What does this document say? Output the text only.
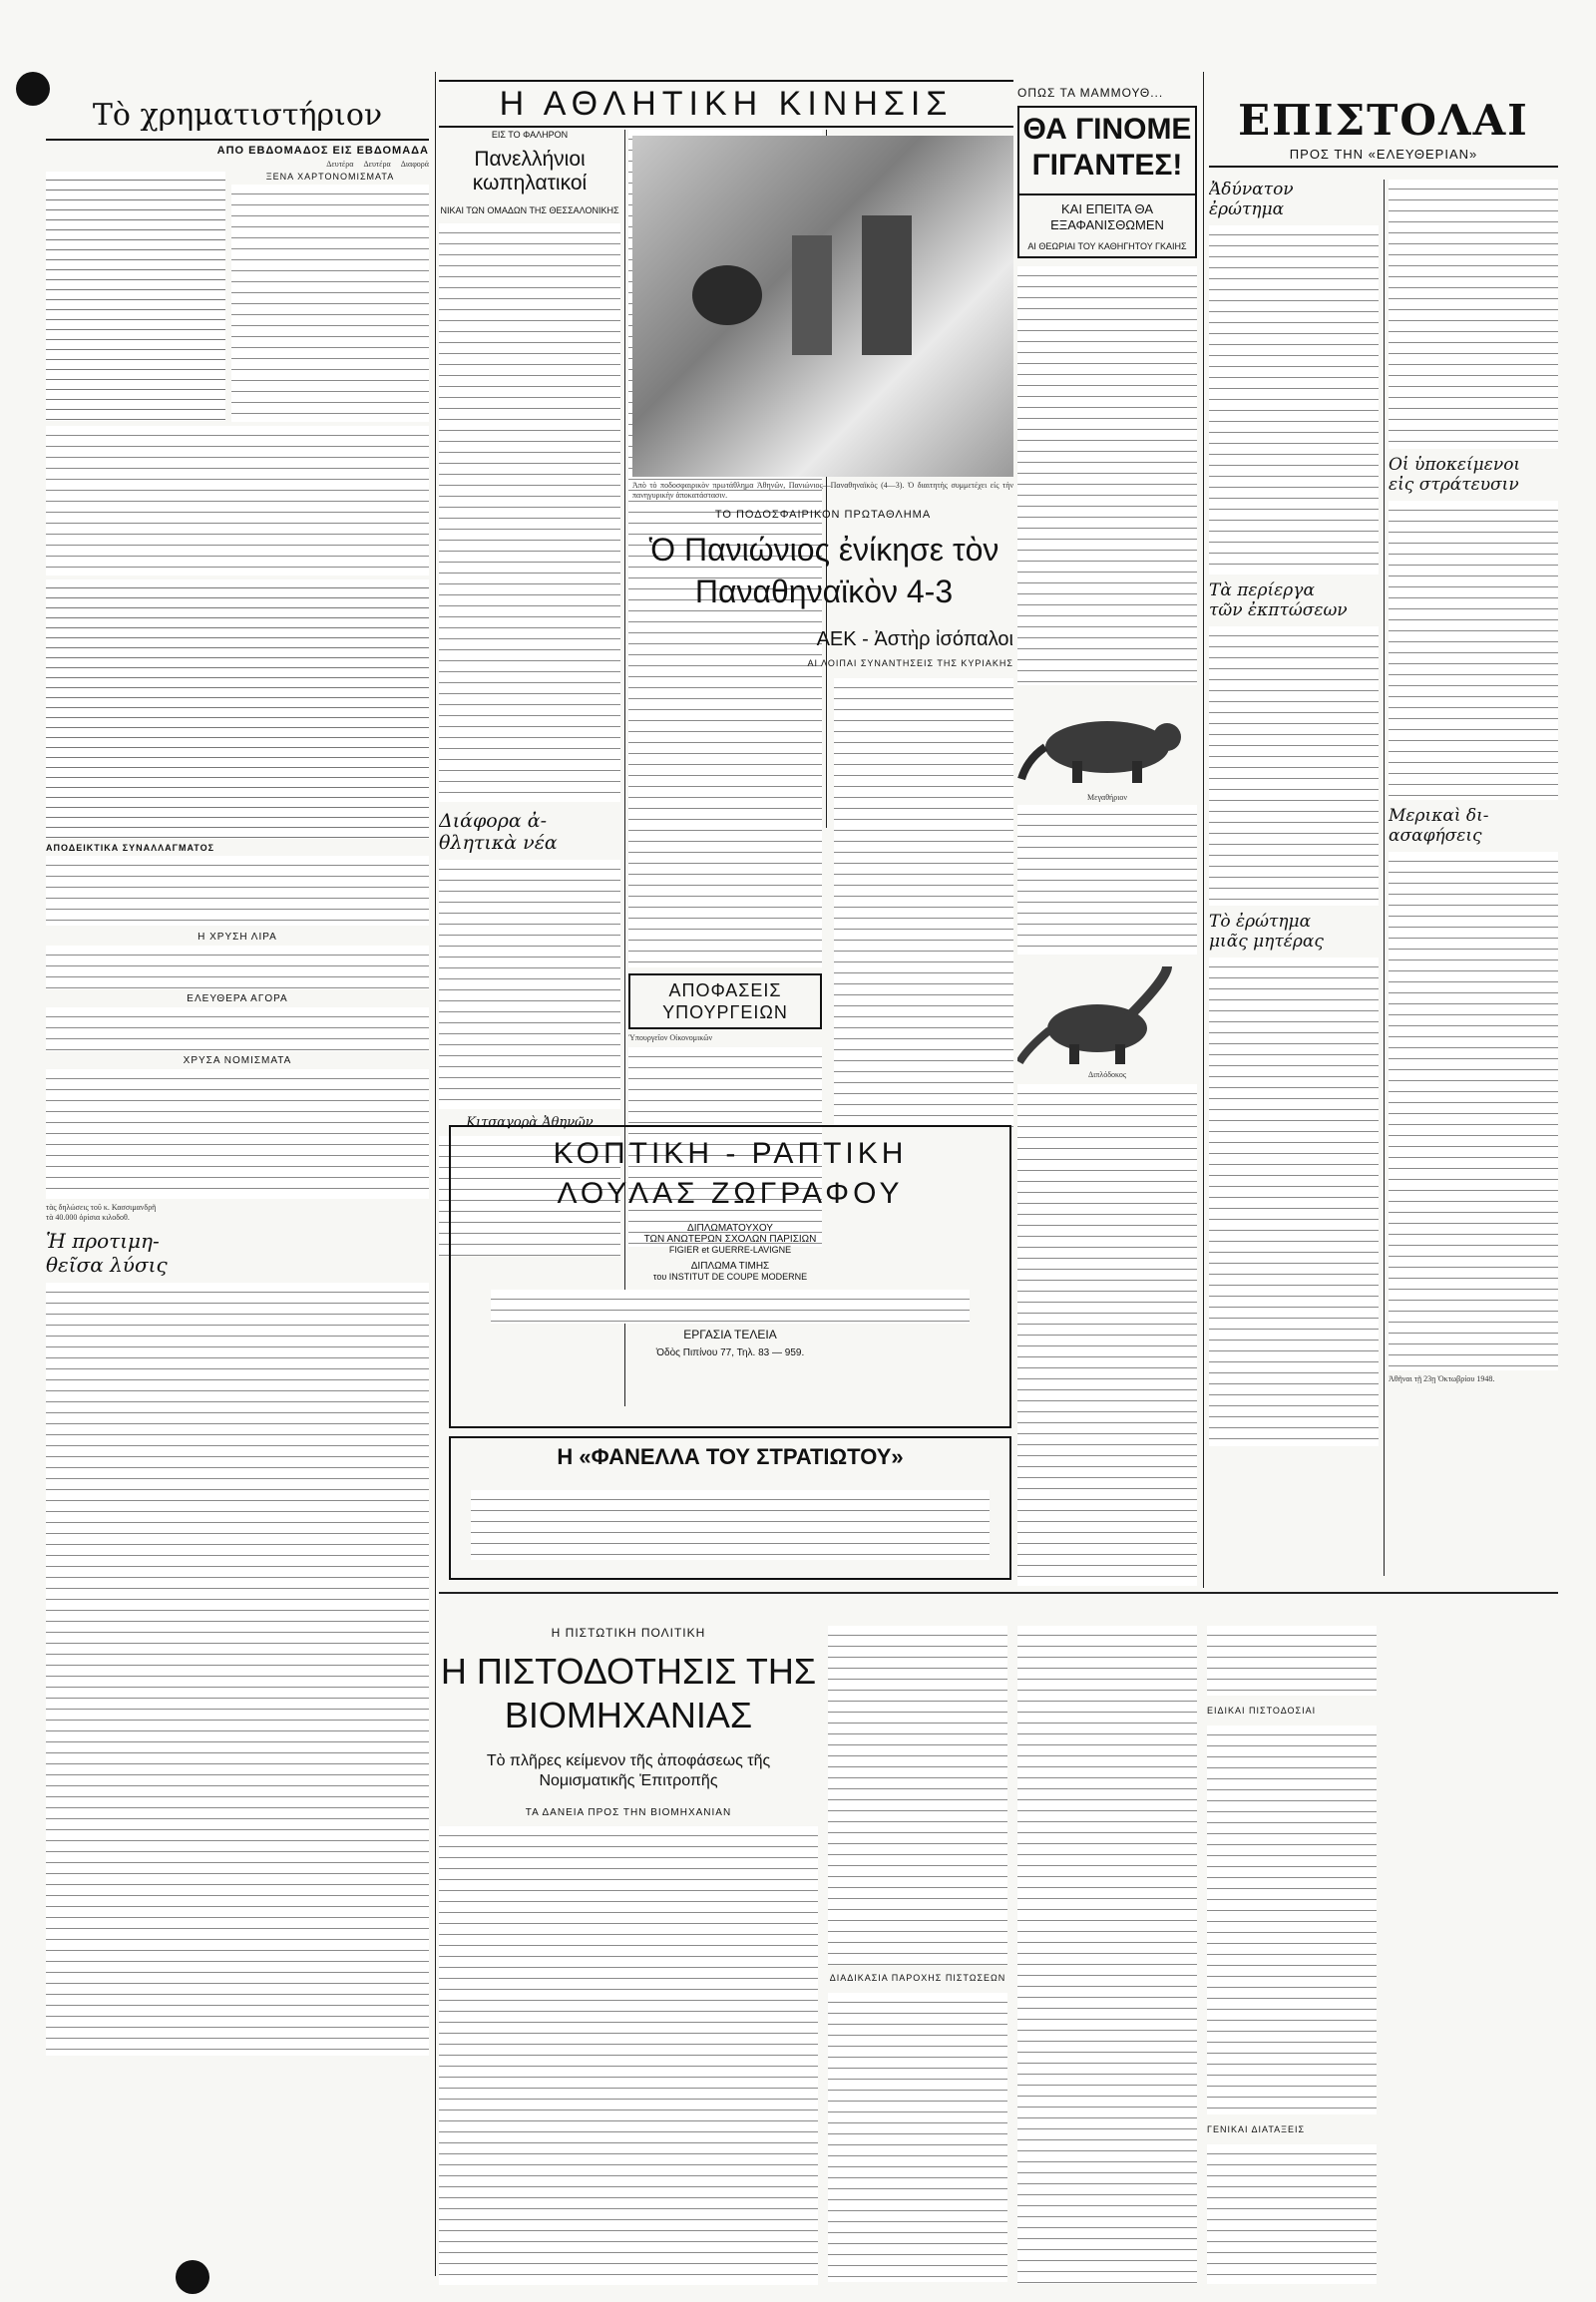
Τὸ χρηματιστήριον
ΑΠΟ ΕΒΔΟΜΑΔΟΣ ΕΙΣ ΕΒΔΟΜΑΔΑ
Δευτέρα Δευτέρα Διαφορά
ΞΕΝΑ ΧΑΡΤΟΝΟΜΙΣΜΑΤΑ
ΑΠΟΔΕΙΚΤΙΚΑ ΣΥΝΑΛΛΑΓΜΑΤΟΣ
Η ΧΡΥΣΗ ΛΙΡΑ
ΕΛΕΥΘΕΡΑ ΑΓΟΡΑ
ΧΡΥΣΑ ΝΟΜΙΣΜΑΤΑ
τὰς δηλώσεις τοῦ κ. Κασσιμανδρῆ
τὰ 40.000 ὁρίσια κιλοδοθ.
Ἡ προτιμη-
θεῖσα λύσις
Η ΑΘΛΗΤΙΚΗ ΚΙΝΗΣΙΣ
ΕΙΣ ΤΟ ΦΑΛΗΡΟΝ
Πανελλήνιοι κωπηλατικοί
ΝΙΚΑΙ ΤΩΝ ΟΜΑΔΩΝ ΤΗΣ ΘΕΣΣΑΛΟΝΙΚΗΣ
Διάφορα ἀ-
θλητικὰ νέα
Κιτσαγορὰ Ἀθηνῶν
ΑΠΟΦΑΣΕΙΣ
ΥΠΟΥΡΓΕΙΩΝ
Ὑπουργεῖον Οἰκονομικῶν
Ἀπὸ τὸ ποδοσφαιρικὸν πρωτάθλημα Ἀθηνῶν, Πανιώνιος—Παναθηναϊκὸς (4—3). Ὁ διαιτητὴς συμμετέχει εἰς τὴν πανηγυρικὴν ἀποκατάστασιν.
ΤΟ ΠΟΔΟΣΦΑΙΡΙΚΟΝ ΠΡΩΤΑΘΛΗΜΑ
Ὁ Πανιώνιος ἐνίκησε τὸν Παναθηναϊκὸν 4-3
ΑΕΚ - Ἀστὴρ ἰσόπαλοι
ΑΙ ΛΟΙΠΑΙ ΣΥΝΑΝΤΗΣΕΙΣ ΤΗΣ ΚΥΡΙΑΚΗΣ
ΚΟΠΤΙΚΗ - ΡΑΠΤΙΚΗ
ΛΟΥΛΑΣ ΖΩΓΡΑΦΟΥ
ΔΙΠΛΩΜΑΤΟΥΧΟΥ
ΤΩΝ ΑΝΩΤΕΡΩΝ ΣΧΟΛΩΝ ΠΑΡΙΣΙΩΝ
FIGIER et GUERRE-LAVIGNE
ΔΙΠΛΩΜΑ ΤΙΜΗΣ
του INSTITUT DE COUPE MODERNE
ΕΡΓΑΣΙΑ ΤΕΛΕΙΑ
Ὁδὸς Πιπίνου 77, Τηλ. 83 — 959.
Η «ΦΑΝΕΛΛΑ ΤΟΥ ΣΤΡΑΤΙΩΤΟΥ»
ΟΠΩΣ ΤΑ ΜΑΜΜΟΥΘ...
ΘΑ ΓΙΝΟΜΕ ΓΙΓΑΝΤΕΣ!
ΚΑΙ ΕΠΕΙΤΑ ΘΑ ΕΞΑΦΑΝΙΣΘΩΜΕΝ
ΑΙ ΘΕΩΡΙΑΙ ΤΟΥ ΚΑΘΗΓΗΤΟΥ ΓΚΑΙΗΣ
Μεγαθήριον
Διπλόδοκος
ΕΠΙΣΤΟΛΑΙ
ΠΡΟΣ ΤΗΝ «ΕΛΕΥΘΕΡΙΑΝ»
Ἀδύνατον
ἐρώτημα
Τὰ περίεργα
τῶν ἐκπτώσεων
Τὸ ἐρώτημα
μιᾶς μητέρας
Οἱ ὑποκείμενοι
εἰς στράτευσιν
Μερικαὶ δι-
ασαφήσεις
Ἀθῆναι τῇ 23ῃ Ὀκτωβρίου 1948.
Η ΠΙΣΤΩΤΙΚΗ ΠΟΛΙΤΙΚΗ
Η ΠΙΣΤΟΔΟΤΗΣΙΣ ΤΗΣ ΒΙΟΜΗΧΑΝΙΑΣ
Τὸ πλῆρες κείμενον τῆς ἀποφάσεως τῆς Νομισματικῆς Ἐπιτροπῆς
ΤΑ ΔΑΝΕΙΑ ΠΡΟΣ ΤΗΝ ΒΙΟΜΗΧΑΝΙΑΝ
ΔΙΑΔΙΚΑΣΙΑ ΠΑΡΟΧΗΣ ΠΙΣΤΩΣΕΩΝ
ΕΙΔΙΚΑΙ ΠΙΣΤΟΔΟΣΙΑΙ
ΓΕΝΙΚΑΙ ΔΙΑΤΑΞΕΙΣ
